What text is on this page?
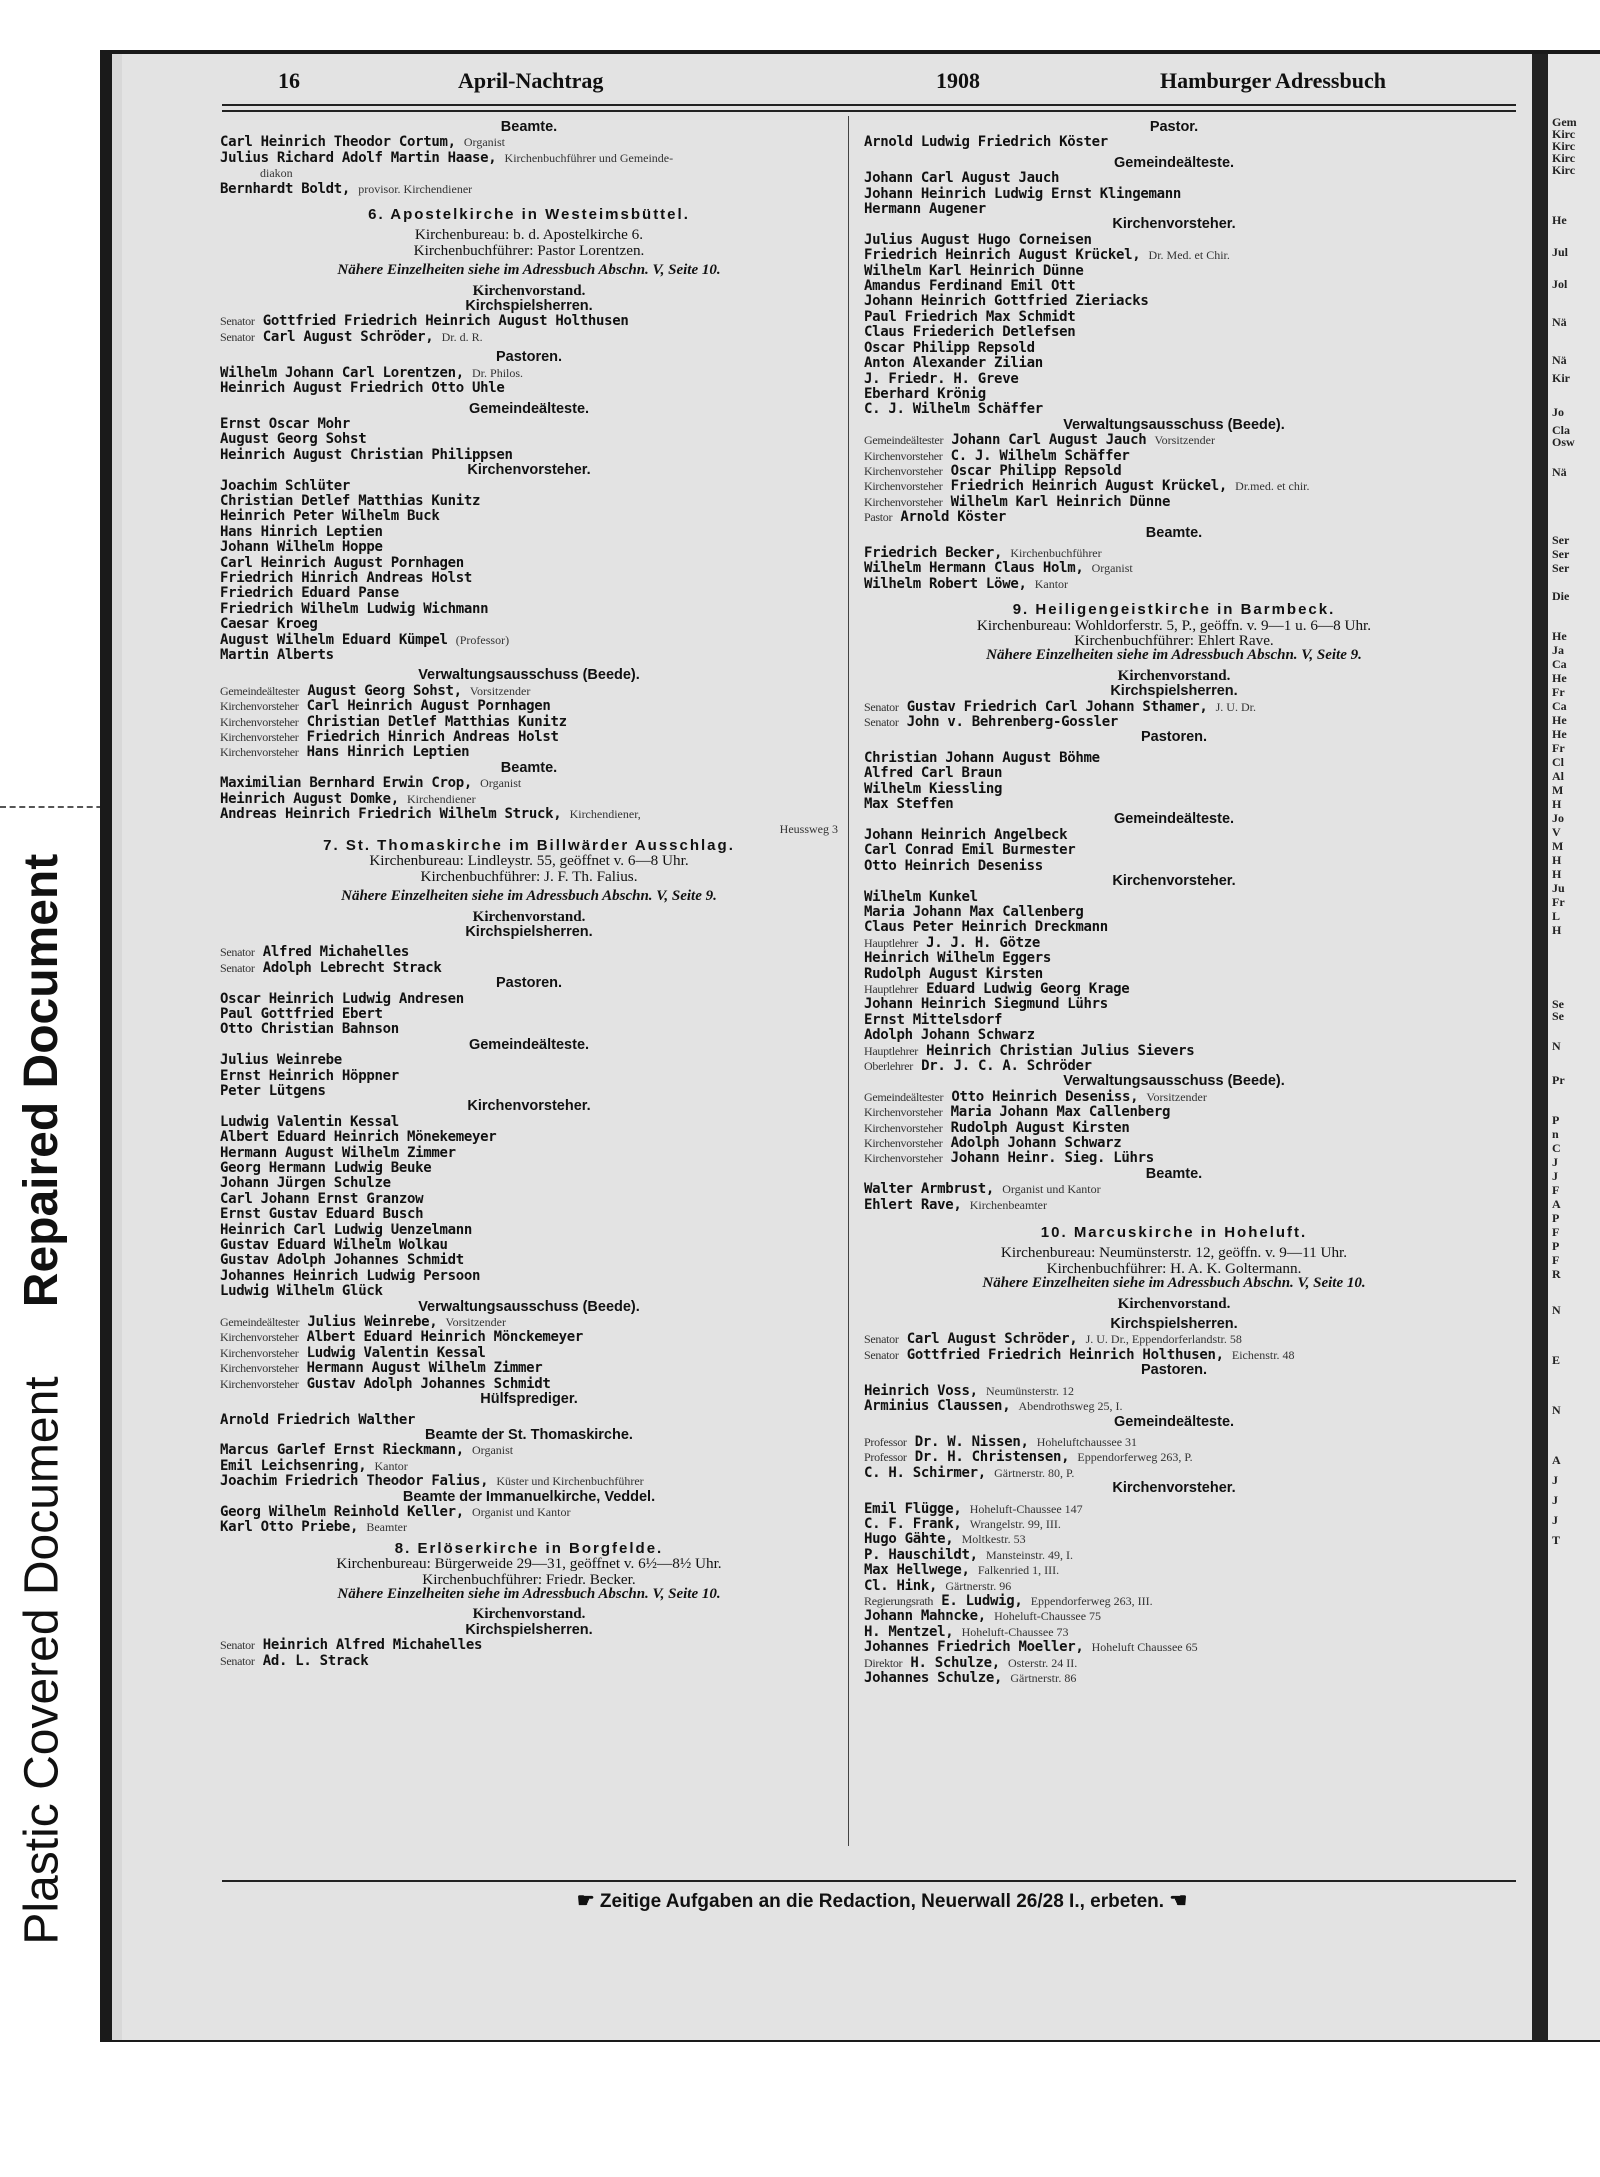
Repaired Document
Plastic Covered Document
16	April-Nachtrag	1908	Hamburger Adressbuch
Beamte.
Carl Heinrich Theodor Cortum, Organist
Julius Richard Adolf Martin Haase, Kirchenbuchführer und Gemeinde-
diakon
Bernhardt Boldt, provisor. Kirchendiener
6. Apostelkirche in Westeimsbüttel.
Kirchenbureau: b. d. Apostelkirche 6.
Kirchenbuchführer: Pastor Lorentzen.
Nähere Einzelheiten siehe im Adressbuch Abschn. V, Seite 10.
Kirchenvorstand.
Kirchspielsherren.
Senator Gottfried Friedrich Heinrich August Holthusen
Senator Carl August Schröder, Dr. d. R.
Pastoren.
Wilhelm Johann Carl Lorentzen, Dr. Philos.
Heinrich August Friedrich Otto Uhle
Gemeindeälteste.
Ernst Oscar Mohr
August Georg Sohst
Heinrich August Christian Philippsen
Kirchenvorsteher.
Joachim Schlüter
Christian Detlef Matthias Kunitz
Heinrich Peter Wilhelm Buck
Hans Hinrich Leptien
Johann Wilhelm Hoppe
Carl Heinrich August Pornhagen
Friedrich Hinrich Andreas Holst
Friedrich Eduard Panse
Friedrich Wilhelm Ludwig Wichmann
Caesar Kroeg
August Wilhelm Eduard Kümpel (Professor)
Martin Alberts
Verwaltungsausschuss (Beede).
Gemeindeältester August Georg Sohst, Vorsitzender
Kirchenvorsteher Carl Heinrich August Pornhagen
Kirchenvorsteher Christian Detlef Matthias Kunitz
Kirchenvorsteher Friedrich Hinrich Andreas Holst
Kirchenvorsteher Hans Hinrich Leptien
Beamte.
Maximilian Bernhard Erwin Crop, Organist
Heinrich August Domke, Kirchendiener
Andreas Heinrich Friedrich Wilhelm Struck, Kirchendiener,
Heussweg 3
7. St. Thomaskirche im Billwärder Ausschlag.
Kirchenbureau: Lindleystr. 55, geöffnet v. 6—8 Uhr.
Kirchenbuchführer: J. F. Th. Falius.
Nähere Einzelheiten siehe im Adressbuch Abschn. V, Seite 9.
Kirchenvorstand.
Kirchspielsherren.
Senator Alfred Michahelles
Senator Adolph Lebrecht Strack
Pastoren.
Oscar Heinrich Ludwig Andresen
Paul Gottfried Ebert
Otto Christian Bahnson
Gemeindeälteste.
Julius Weinrebe
Ernst Heinrich Höppner
Peter Lütgens
Kirchenvorsteher.
Ludwig Valentin Kessal
Albert Eduard Heinrich Mönekemeyer
Hermann August Wilhelm Zimmer
Georg Hermann Ludwig Beuke
Johann Jürgen Schulze
Carl Johann Ernst Granzow
Ernst Gustav Eduard Busch
Heinrich Carl Ludwig Uenzelmann
Gustav Eduard Wilhelm Wolkau
Gustav Adolph Johannes Schmidt
Johannes Heinrich Ludwig Persoon
Ludwig Wilhelm Glück
Verwaltungsausschuss (Beede).
Gemeindeältester Julius Weinrebe, Vorsitzender
Kirchenvorsteher Albert Eduard Heinrich Mönckemeyer
Kirchenvorsteher Ludwig Valentin Kessal
Kirchenvorsteher Hermann August Wilhelm Zimmer
Kirchenvorsteher Gustav Adolph Johannes Schmidt
Hülfsprediger.
Arnold Friedrich Walther
Beamte der St. Thomaskirche.
Marcus Garlef Ernst Rieckmann, Organist
Emil Leichsenring, Kantor
Joachim Friedrich Theodor Falius, Küster und Kirchenbuchführer
Beamte der Immanuelkirche, Veddel.
Georg Wilhelm Reinhold Keller, Organist und Kantor
Karl Otto Priebe, Beamter
8. Erlöserkirche in Borgfelde.
Kirchenbureau: Bürgerweide 29—31, geöffnet v. 6½—8½ Uhr.
Kirchenbuchführer: Friedr. Becker.
Nähere Einzelheiten siehe im Adressbuch Abschn. V, Seite 10.
Kirchenvorstand.
Kirchspielsherren.
Senator Heinrich Alfred Michahelles
Senator Ad. L. Strack
Pastor.
Arnold Ludwig Friedrich Köster
Gemeindeälteste.
Johann Carl August Jauch
Johann Heinrich Ludwig Ernst Klingemann
Hermann Augener
Kirchenvorsteher.
Julius August Hugo Corneisen
Friedrich Heinrich August Krückel, Dr. Med. et Chir.
Wilhelm Karl Heinrich Dünne
Amandus Ferdinand Emil Ott
Johann Heinrich Gottfried Zieriacks
Paul Friedrich Max Schmidt
Claus Friederich Detlefsen
Oscar Philipp Repsold
Anton Alexander Zilian
J. Friedr. H. Greve
Eberhard Krönig
C. J. Wilhelm Schäffer
Verwaltungsausschuss (Beede).
Gemeindeältester Johann Carl August Jauch Vorsitzender
Kirchenvorsteher C. J. Wilhelm Schäffer
Kirchenvorsteher Oscar Philipp Repsold
Kirchenvorsteher Friedrich Heinrich August Krückel, Dr.med. et chir.
Kirchenvorsteher Wilhelm Karl Heinrich Dünne
Pastor Arnold Köster
Beamte.
Friedrich Becker, Kirchenbuchführer
Wilhelm Hermann Claus Holm, Organist
Wilhelm Robert Löwe, Kantor
9. Heiligengeistkirche in Barmbeck.
Kirchenbureau: Wohldorferstr. 5, P., geöffn. v. 9—1 u. 6—8 Uhr.
Kirchenbuchführer: Ehlert Rave.
Nähere Einzelheiten siehe im Adressbuch Abschn. V, Seite 9.
Kirchenvorstand.
Kirchspielsherren.
Senator Gustav Friedrich Carl Johann Sthamer, J. U. Dr.
Senator John v. Behrenberg-Gossler
Pastoren.
Christian Johann August Böhme
Alfred Carl Braun
Wilhelm Kiessling
Max Steffen
Gemeindeälteste.
Johann Heinrich Angelbeck
Carl Conrad Emil Burmester
Otto Heinrich Deseniss
Kirchenvorsteher.
Wilhelm Kunkel
Maria Johann Max Callenberg
Claus Peter Heinrich Dreckmann
Hauptlehrer J. J. H. Götze
Heinrich Wilhelm Eggers
Rudolph August Kirsten
Hauptlehrer Eduard Ludwig Georg Krage
Johann Heinrich Siegmund Lührs
Ernst Mittelsdorf
Adolph Johann Schwarz
Hauptlehrer Heinrich Christian Julius Sievers
Oberlehrer Dr. J. C. A. Schröder
Verwaltungsausschuss (Beede).
Gemeindeältester Otto Heinrich Deseniss, Vorsitzender
Kirchenvorsteher Maria Johann Max Callenberg
Kirchenvorsteher Rudolph August Kirsten
Kirchenvorsteher Adolph Johann Schwarz
Kirchenvorsteher Johann Heinr. Sieg. Lührs
Beamte.
Walter Armbrust, Organist und Kantor
Ehlert Rave, Kirchenbeamter
10. Marcuskirche in Hoheluft.
Kirchenbureau: Neumünsterstr. 12, geöffn. v. 9—11 Uhr.
Kirchenbuchführer: H. A. K. Goltermann.
Nähere Einzelheiten siehe im Adressbuch Abschn. V, Seite 10.
Kirchenvorstand.
Kirchspielsherren.
Senator Carl August Schröder, J. U. Dr., Eppendorferlandstr. 58
Senator Gottfried Friedrich Heinrich Holthusen, Eichenstr. 48
Pastoren.
Heinrich Voss, Neumünsterstr. 12
Arminius Claussen, Abendrothsweg 25, I.
Gemeindeälteste.
Professor Dr. W. Nissen, Hoheluftchaussee 31
Professor Dr. H. Christensen, Eppendorferweg 263, P.
C. H. Schirmer, Gärtnerstr. 80, P.
Kirchenvorsteher.
Emil Flügge, Hoheluft-Chaussee 147
C. F. Frank, Wrangelstr. 99, III.
Hugo Gähte, Moltkestr. 53
P. Hauschildt, Mansteinstr. 49, I.
Max Hellwege, Falkenried 1, III.
Cl. Hink, Gärtnerstr. 96
Regierungsrath E. Ludwig, Eppendorferweg 263, III.
Johann Mahncke, Hoheluft-Chaussee 75
H. Mentzel, Hoheluft-Chaussee 73
Johannes Friedrich Moeller, Hoheluft Chaussee 65
Direktor H. Schulze, Osterstr. 24 II.
Johannes Schulze, Gärtnerstr. 86
☛ Zeitige Aufgaben an die Redaction, Neuerwall 26/28 I., erbeten. ☚
Gem
Kirc
Kirc
Kirc
Kirc
He
Jul
Jol
Nä
Nä
Kir
Jo
Cla
Osw
Nä
Ser
Ser
Ser
Die
He
Ja
Ca
He
Fr
Ca
He
He
Fr
Cl
Al
M
H
Jo
V
M
H
H
Ju
Fr
L
H
Se
Se
N
Pr
P
n
C
J
J
F
A
P
F
P
F
R
N
E
N
A
J
J
J
T
